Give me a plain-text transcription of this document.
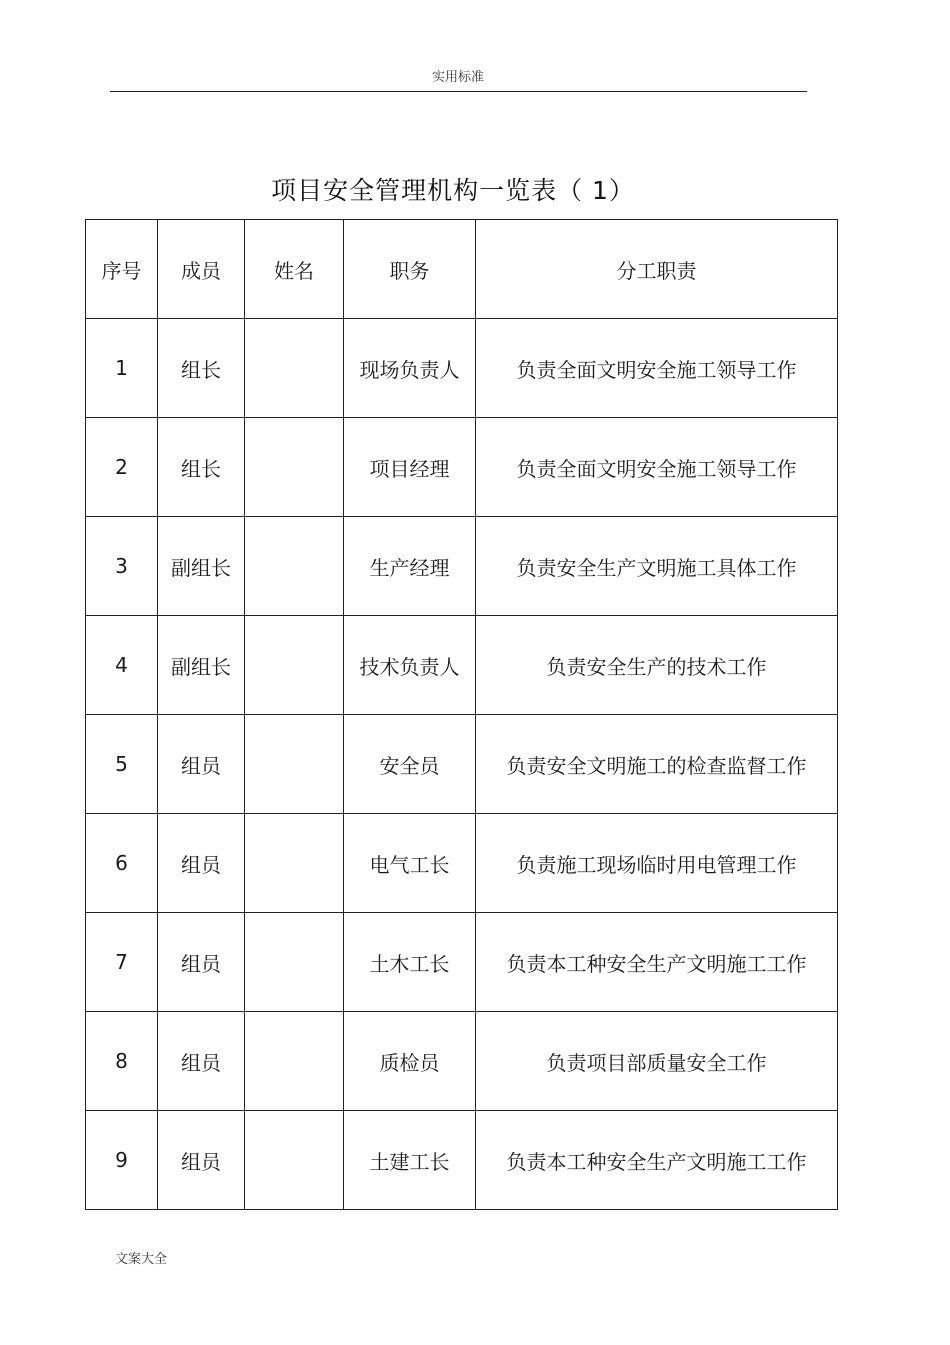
实用标准
项目安全管理机构一览表（ 1）
序号	成员	姓名	职务	分工职责
1	组长		现场负责人	负责全面文明安全施工领导工作
2	组长		项目经理	负责全面文明安全施工领导工作
3	副组长		生产经理	负责安全生产文明施工具体工作
4	副组长		技术负责人	负责安全生产的技术工作
5	组员		安全员	负责安全文明施工的检查监督工作
6	组员		电气工长	负责施工现场临时用电管理工作
7	组员		土木工长	负责本工种安全生产文明施工工作
8	组员		质检员	负责项目部质量安全工作
9	组员		土建工长	负责本工种安全生产文明施工工作
文案大全
